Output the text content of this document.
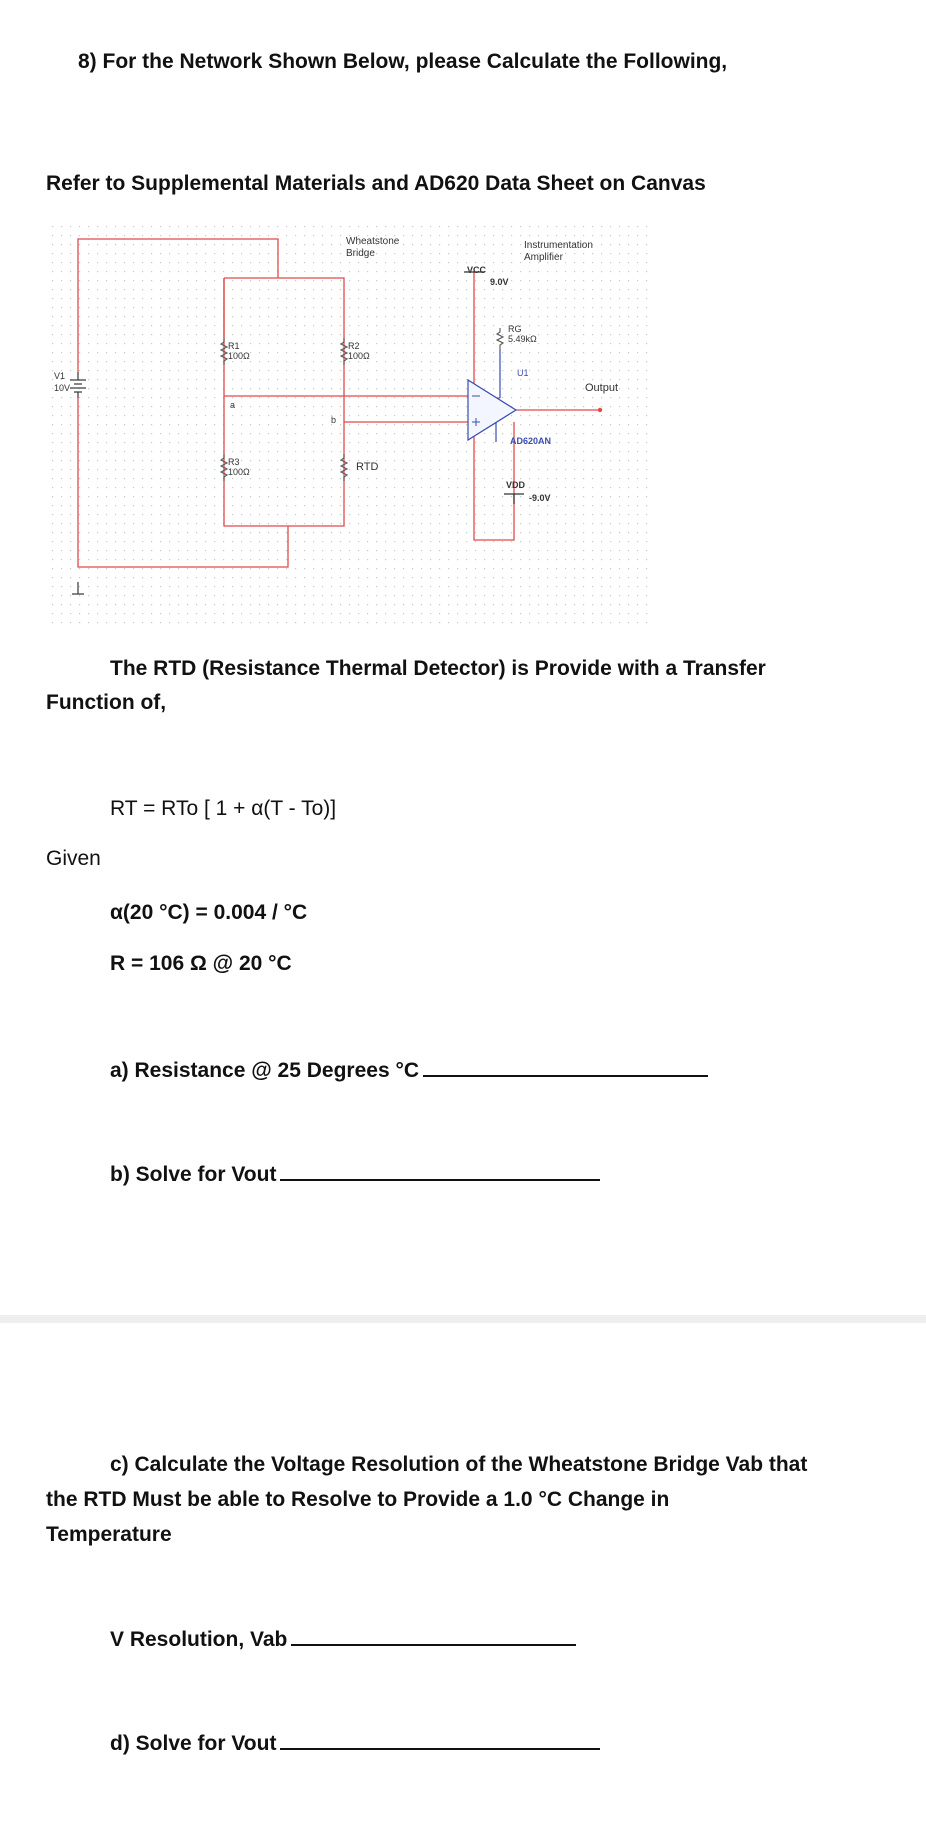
8) For the Network Shown Below, please Calculate the Following,
Refer to Supplemental Materials and AD620 Data Sheet on Canvas
Wheatstone
Bridge
Instrumentation
Amplifier
VCC
9.0V
RG
5.49kΩ
U1
AD620AN
Output
VDD
-9.0V
V1
10V
R1
100Ω
R2
100Ω
R3
100Ω	RTD
a
b
The RTD (Resistance Thermal Detector) is Provide with a Transfer
Function of,
RT = RTo [ 1 + α(T - To)]
Given
α(20 °C) = 0.004 / °C
R = 106 Ω @ 20 °C
a) Resistance @ 25 Degrees °C
b) Solve for Vout
c) Calculate the Voltage Resolution of the Wheatstone Bridge Vab that
the RTD Must be able to Resolve to Provide a 1.0 °C Change in
Temperature
V Resolution, Vab
d) Solve for Vout
